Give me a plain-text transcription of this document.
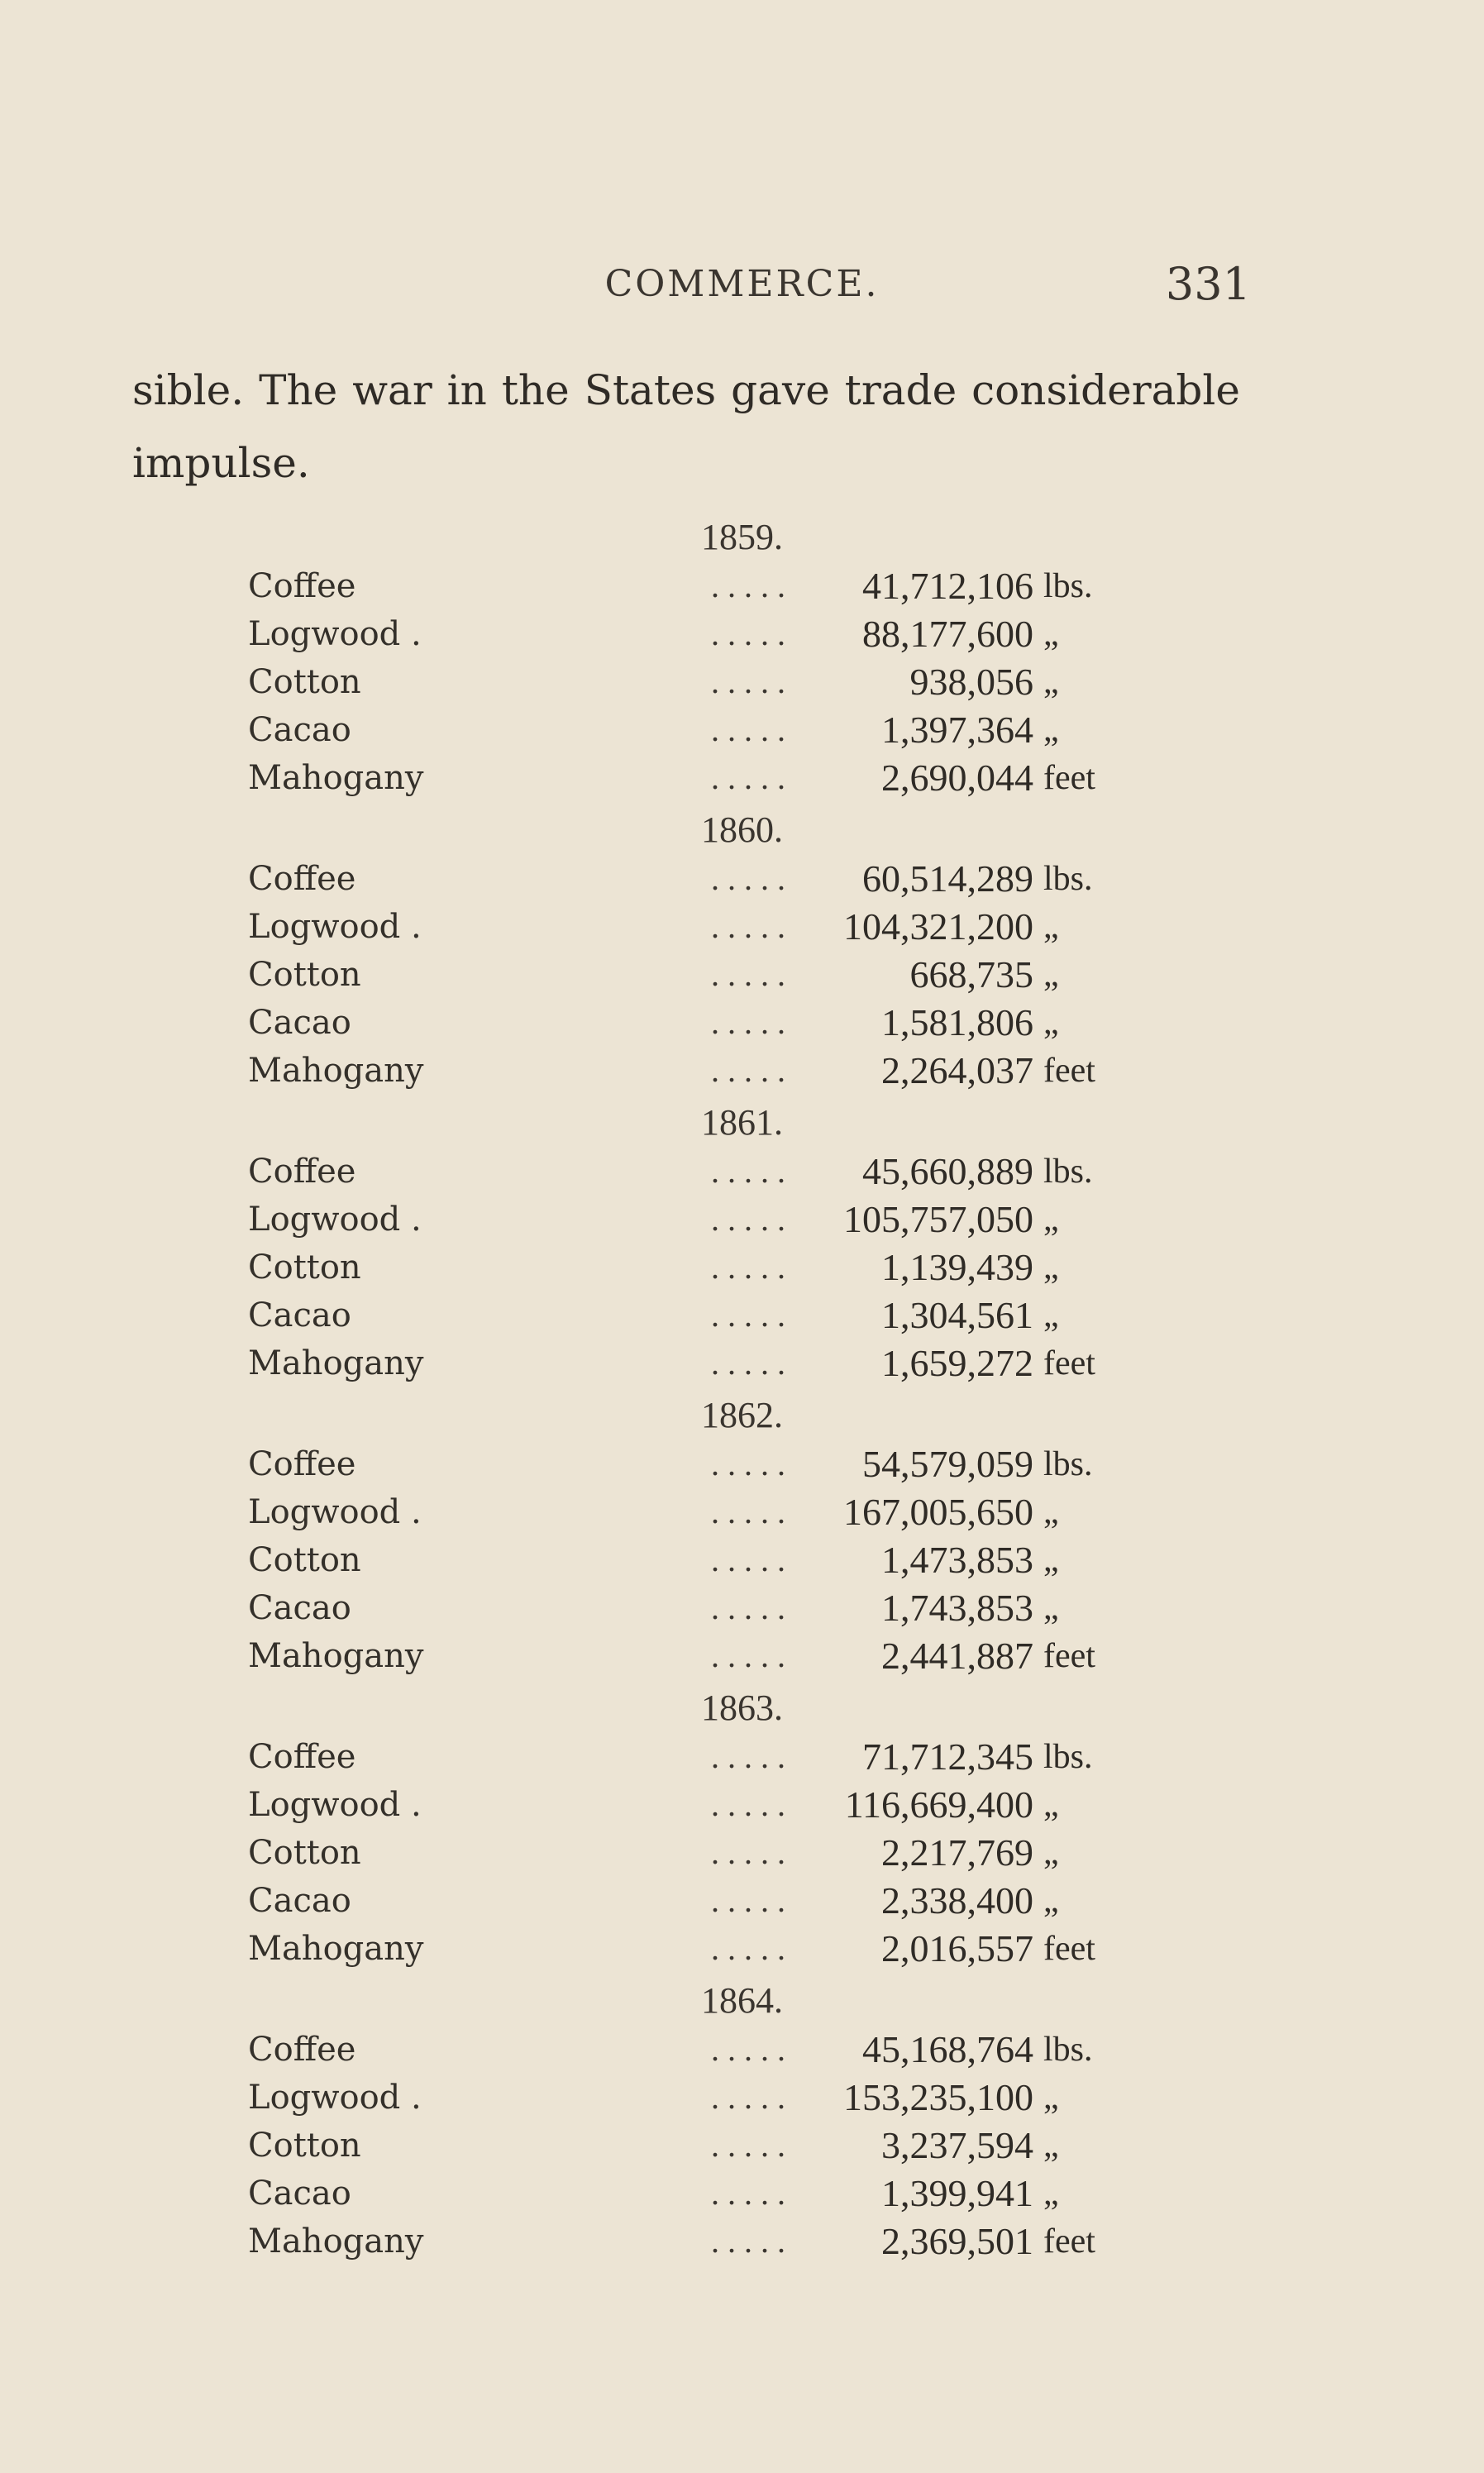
COMMERCE.	331
sible. The war in the States gave trade considerable
impulse.
1859.
Coffee	. . . . .	41,712,106 lbs.
Logwood .	. . . . .	88,177,600 „
Cotton	. . . . .	938,056 „
Cacao	. . . . .	1,397,364 „
Mahogany	. . . . .	2,690,044 feet
1860.
Coffee	. . . . .	60,514,289 lbs.
Logwood .	. . . . .	104,321,200 „
Cotton	. . . . .	668,735 „
Cacao	. . . . .	1,581,806 „
Mahogany	. . . . .	2,264,037 feet
1861.
Coffee	. . . . .	45,660,889 lbs.
Logwood .	. . . . .	105,757,050 „
Cotton	. . . . .	1,139,439 „
Cacao	. . . . .	1,304,561 „
Mahogany	. . . . .	1,659,272 feet
1862.
Coffee	. . . . .	54,579,059 lbs.
Logwood .	. . . . .	167,005,650 „
Cotton	. . . . .	1,473,853 „
Cacao	. . . . .	1,743,853 „
Mahogany	. . . . .	2,441,887 feet
1863.
Coffee	. . . . .	71,712,345 lbs.
Logwood .	. . . . .	116,669,400 „
Cotton	. . . . .	2,217,769 „
Cacao	. . . . .	2,338,400 „
Mahogany	. . . . .	2,016,557 feet
1864.
Coffee	. . . . .	45,168,764 lbs.
Logwood .	. . . . .	153,235,100 „
Cotton	. . . . .	3,237,594 „
Cacao	. . . . .	1,399,941 „
Mahogany	. . . . .	2,369,501 feet
